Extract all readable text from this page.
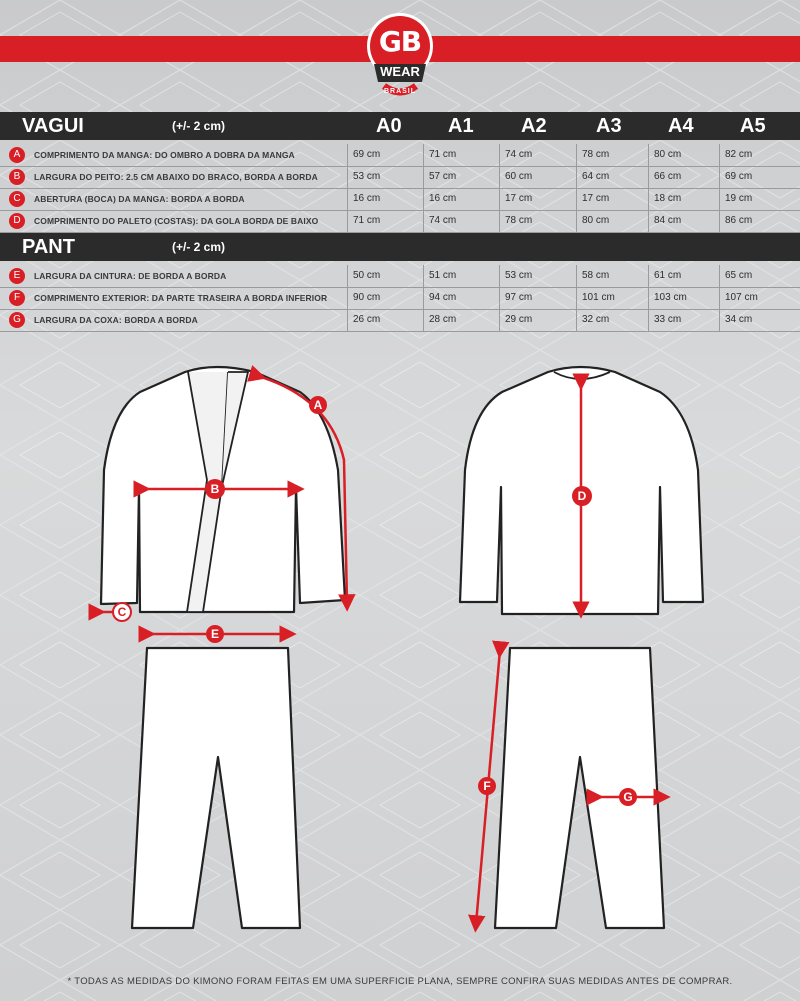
GB
WEAR
BRASIL
VAGUI	(+/- 2 cm)	A0 A1 A2 A3 A4 A5
A	COMPRIMENTO DA MANGA: DO OMBRO A DOBRA DA MANGA	69 cm	71 cm	74 cm	78 cm	80 cm	82 cm
B	LARGURA DO PEITO: 2.5 CM ABAIXO DO BRACO, BORDA A BORDA	53 cm	57 cm	60 cm	64 cm	66 cm	69 cm
C	ABERTURA (BOCA) DA MANGA: BORDA A BORDA	16 cm	16 cm	17 cm	17 cm	18 cm	19 cm
D	COMPRIMENTO DO PALETO (COSTAS): DA GOLA BORDA DE BAIXO	71 cm	74 cm	78 cm	80 cm	84 cm	86 cm
PANT	(+/- 2 cm)
E	LARGURA DA CINTURA: DE BORDA A BORDA	50 cm	51 cm	53 cm	58 cm	61 cm	65 cm
F	COMPRIMENTO EXTERIOR: DA PARTE TRASEIRA A BORDA INFERIOR	90 cm	94 cm	97 cm	101 cm	103 cm	107 cm
G	LARGURA DA COXA: BORDA A BORDA	26 cm	28 cm	29 cm	32 cm	33 cm	34 cm
A
B
C
D
E
F
G
* TODAS AS MEDIDAS DO KIMONO FORAM FEITAS EM UMA SUPERFICIE PLANA, SEMPRE CONFIRA SUAS MEDIDAS ANTES DE COMPRAR.
